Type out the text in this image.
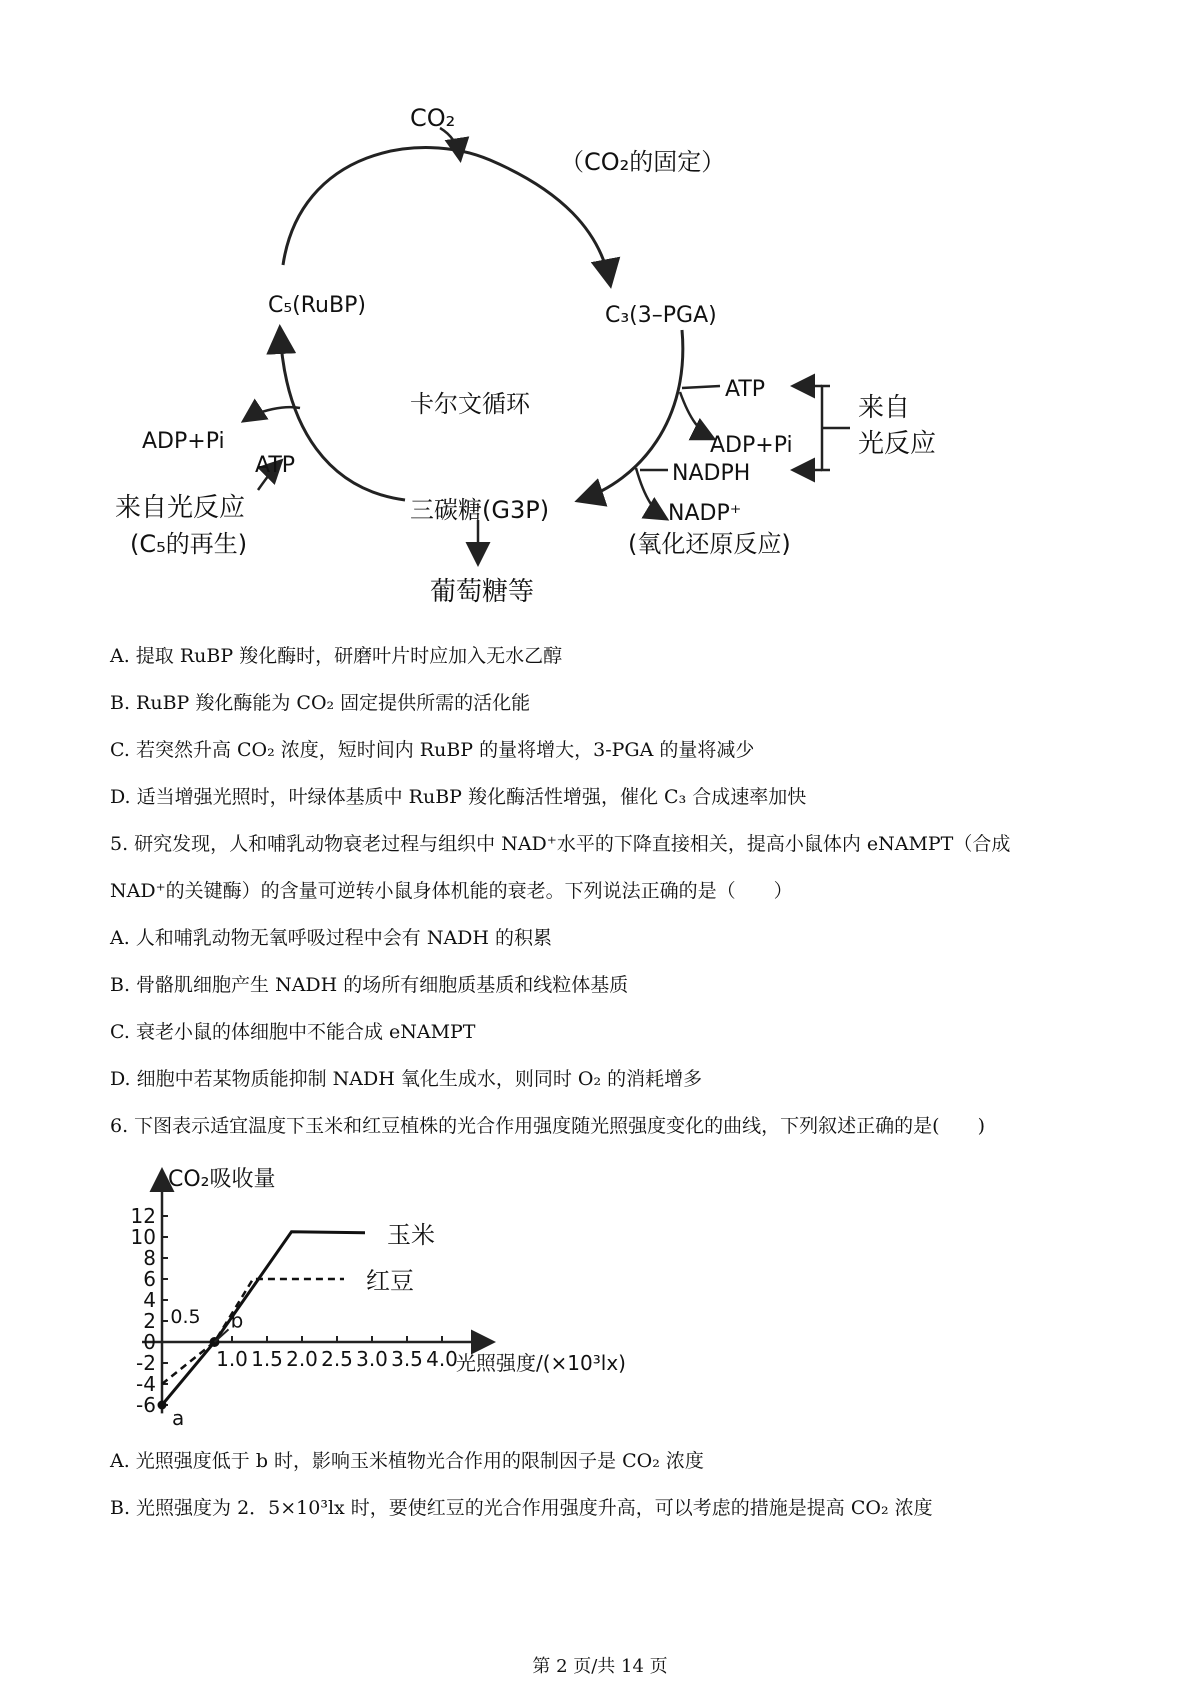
CO₂
（CO₂的固定）
C₃(3–PGA)
C₅(RuBP)
卡尔文循环
ATP
ADP+Pi
NADPH
NADP⁺
来自
光反应
(氧化还原反应)
ADP+Pi
ATP
来自光反应
(C₅的再生)
三碳糖(G3P)
葡萄糖等
A. 提取 RuBP 羧化酶时，研磨叶片时应加入无水乙醇
B. RuBP 羧化酶能为 CO₂ 固定提供所需的活化能
C. 若突然升高 CO₂ 浓度，短时间内 RuBP 的量将增大，3-PGA 的量将减少
D. 适当增强光照时，叶绿体基质中 RuBP 羧化酶活性增强，催化 C₃ 合成速率加快
5. 研究发现，人和哺乳动物衰老过程与组织中 NAD⁺水平的下降直接相关，提高小鼠体内 eNAMPT（合成
NAD⁺的关键酶）的含量可逆转小鼠身体机能的衰老。下列说法正确的是（　　）
A. 人和哺乳动物无氧呼吸过程中会有 NADH 的积累
B. 骨骼肌细胞产生 NADH 的场所有细胞质基质和线粒体基质
C. 衰老小鼠的体细胞中不能合成 eNAMPT
D. 细胞中若某物质能抑制 NADH 氧化生成水，则同时 O₂ 的消耗增多
6. 下图表示适宜温度下玉米和红豆植株的光合作用强度随光照强度变化的曲线，下列叙述正确的是(　　)
CO₂吸收量
光照强度/(×10³lx)
12
10
8
6
4
2
0
-2
-4
-6
1.0 1.5 2.0 2.5 3.0 3.5 4.0
0.5
玉米
红豆
a
b
A. 光照强度低于 b 时，影响玉米植物光合作用的限制因子是 CO₂ 浓度
B. 光照强度为 2．5×10³lx 时，要使红豆的光合作用强度升高，可以考虑的措施是提高 CO₂ 浓度
第 2 页/共 14 页
